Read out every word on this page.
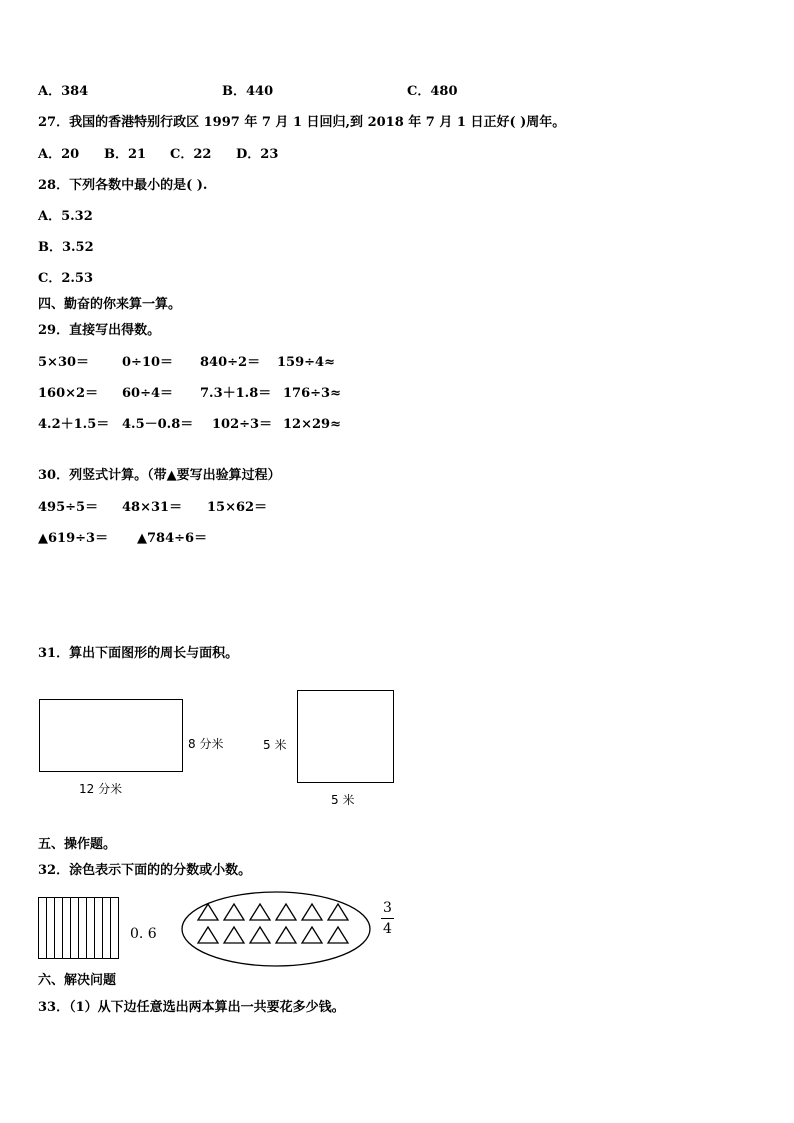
A．384	B．440	C．480
27．我国的香港特别行政区 1997 年 7 月 1 日回归,到 2018 年 7 月 1 日正好( )周年。
A．20 B．21 C．22 D．23
28．下列各数中最小的是( ).
A．5.32
B．3.52
C．2.53
四、勤奋的你来算一算。
29．直接写出得数。
5×30＝	0÷10＝ 840÷2＝ 159÷4≈
160×2＝ 60÷4＝ 7.3＋1.8＝ 176÷3≈
4.2＋1.5＝ 4.5－0.8＝ 102÷3＝ 12×29≈
30．列竖式计算。（带▲要写出验算过程）
495÷5＝ 48×31＝ 15×62＝
▲619÷3＝ ▲784÷6＝
31．算出下面图形的周长与面积。
8 分米
12 分米
5 米
5 米
五、操作题。
32．涂色表示下面的的分数或小数。
0. 6
3
4
六、解决问题
33．（1）从下边任意选出两本算出一共要花多少钱。
